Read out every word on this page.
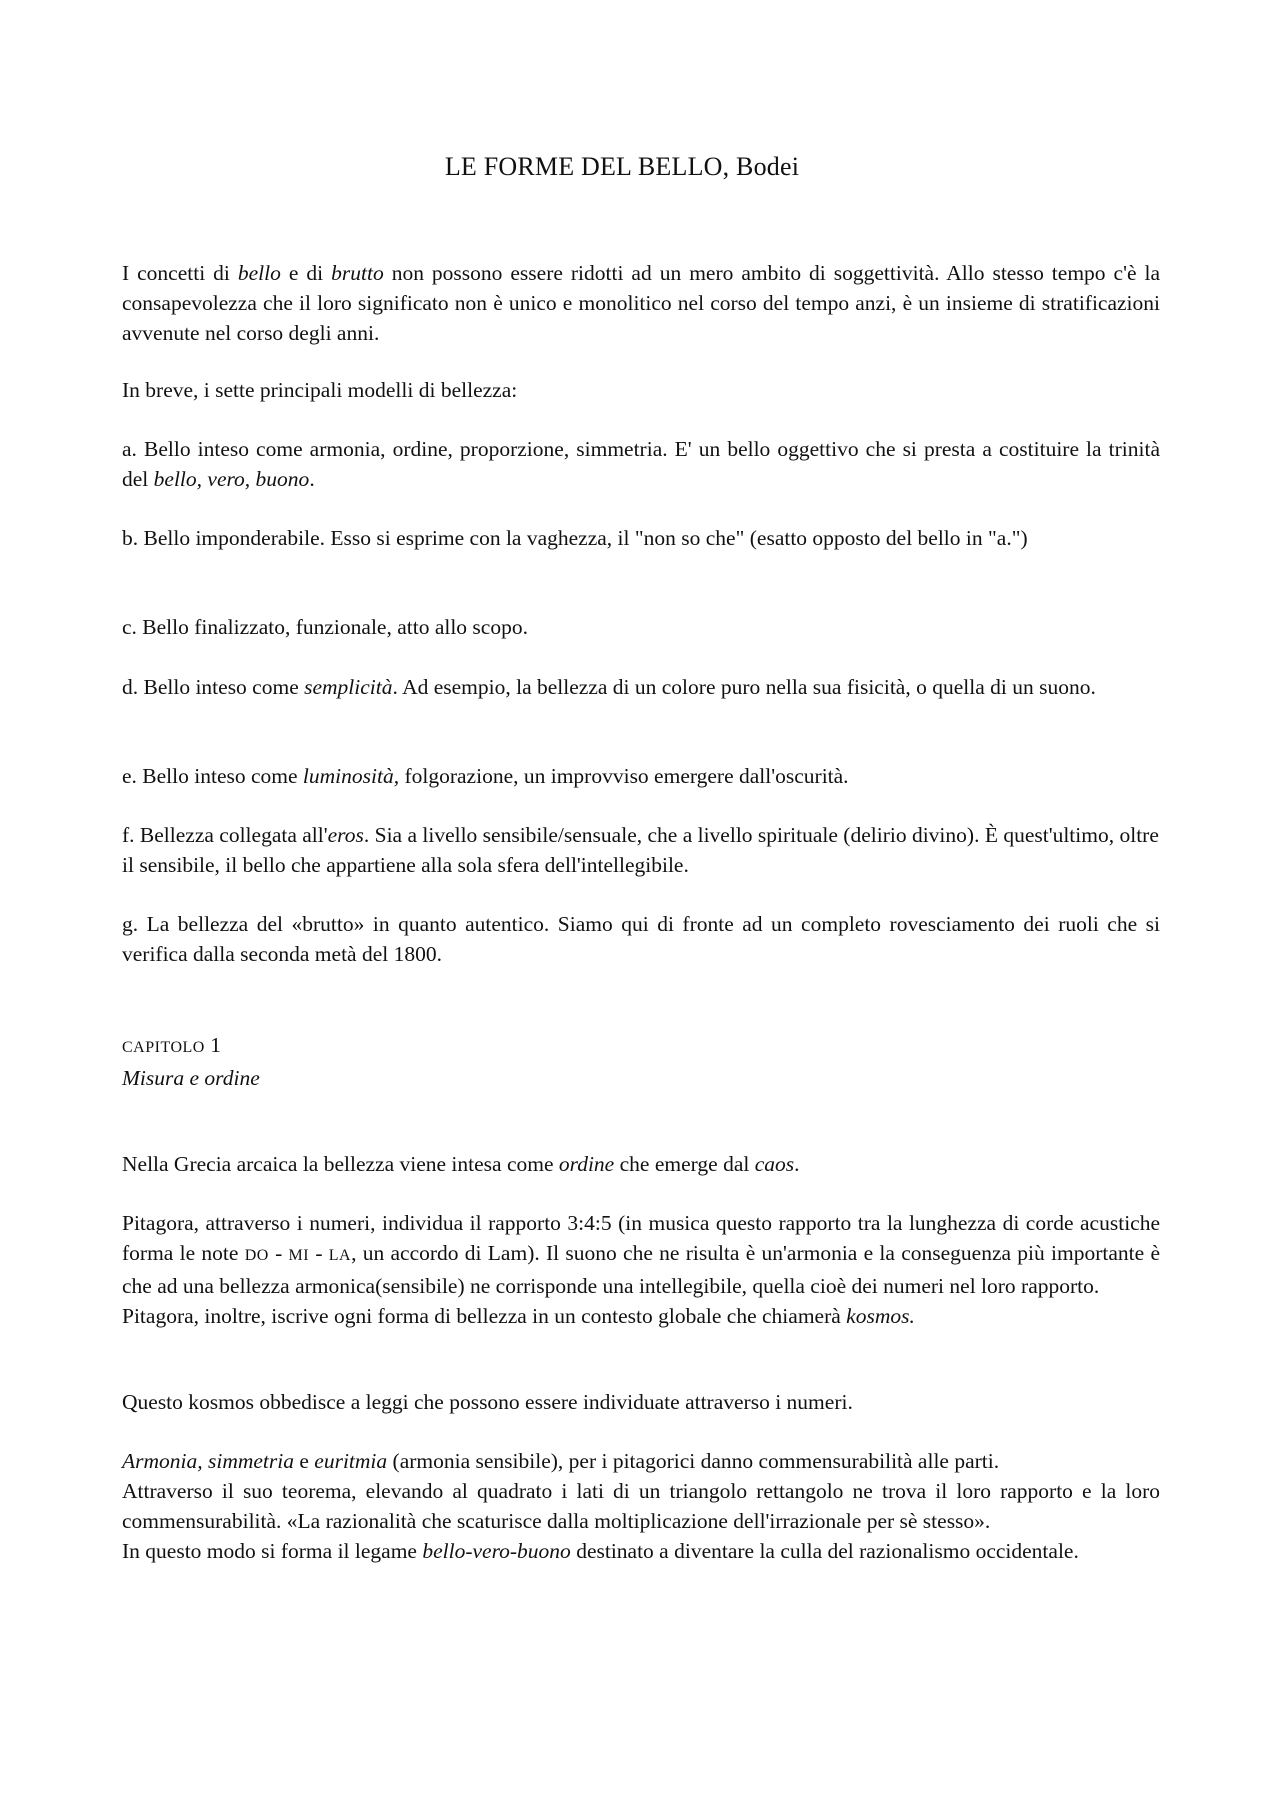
LE FORME DEL BELLO, Bodei

I concetti di bello e di brutto non possono essere ridotti ad un mero ambito di soggettività. Allo stesso tempo c'è la consapevolezza che il loro significato non è unico e monolitico nel corso del tempo anzi, è un insieme di stratificazioni avvenute nel corso degli anni.

In breve, i sette principali modelli di bellezza:

a. Bello inteso come armonia, ordine, proporzione, simmetria. E' un bello oggettivo che si presta a costituire la trinità del bello, vero, buono.

b. Bello imponderabile. Esso si esprime con la vaghezza, il "non so che" (esatto opposto del bello in "a.")

c. Bello finalizzato, funzionale, atto allo scopo.

d. Bello inteso come semplicità. Ad esempio, la bellezza di un colore puro nella sua fisicità, o quella di un suono.

e. Bello inteso come luminosità, folgorazione, un improvviso emergere dall'oscurità.

f. Bellezza collegata all'eros. Sia a livello sensibile/sensuale, che a livello spirituale (delirio divino). È quest'ultimo, oltre il sensibile, il bello che appartiene alla sola sfera dell'intellegibile.

g. La bellezza del «brutto» in quanto autentico. Siamo qui di fronte ad un completo rovesciamento dei ruoli che si verifica dalla seconda metà del 1800.

CAPITOLO 1
Misura e ordine

Nella Grecia arcaica la bellezza viene intesa come ordine che emerge dal caos.

Pitagora, attraverso i numeri, individua il rapporto 3:4:5 (in musica questo rapporto tra la lunghezza di corde acustiche forma le note DO - MI - LA, un accordo di Lam). Il suono che ne risulta è un'armonia e la conseguenza più importante è che ad una bellezza armonica(sensibile) ne corrisponde una intellegibile, quella cioè dei numeri nel loro rapporto.
Pitagora, inoltre, iscrive ogni forma di bellezza in un contesto globale che chiamerà kosmos.

Questo kosmos obbedisce a leggi che possono essere individuate attraverso i numeri.

Armonia, simmetria e euritmia (armonia sensibile), per i pitagorici danno commensurabilità alle parti.
Attraverso il suo teorema, elevando al quadrato i lati di un triangolo rettangolo ne trova il loro rapporto e la loro commensurabilità. «La razionalità che scaturisce dalla moltiplicazione dell'irrazionale per sè stesso».
In questo modo si forma il legame bello-vero-buono destinato a diventare la culla del razionalismo occidentale.
